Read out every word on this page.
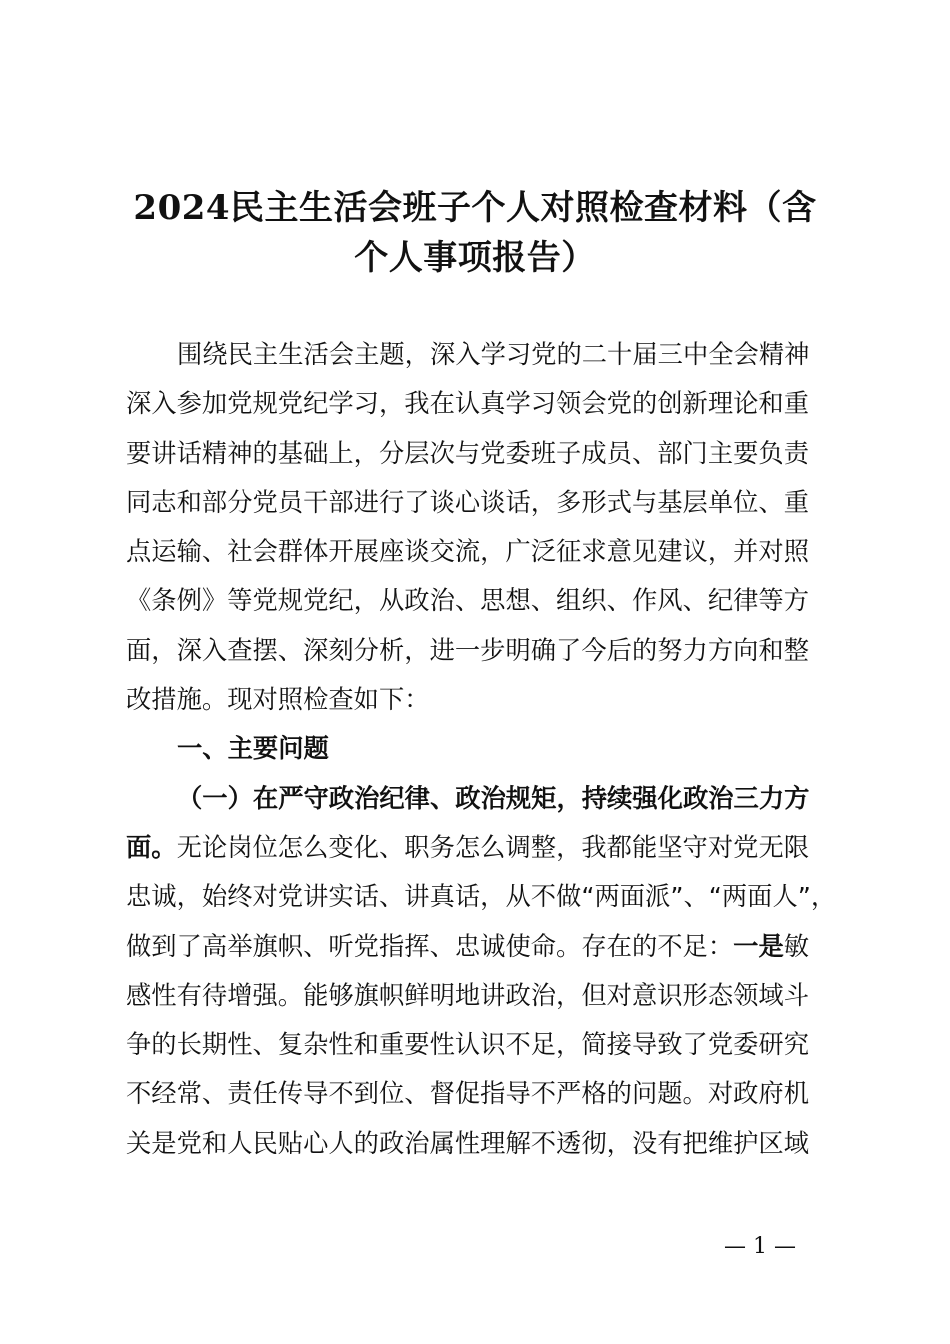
2024民主生活会班子个人对照检查材料（含
个人事项报告）
围绕民主生活会主题，深入学习党的二十届三中全会精神
深入参加党规党纪学习，我在认真学习领会党的创新理论和重
要讲话精神的基础上，分层次与党委班子成员、部门主要负责
同志和部分党员干部进行了谈心谈话，多形式与基层单位、重
点运输、社会群体开展座谈交流，广泛征求意见建议，并对照
《条例》等党规党纪，从政治、思想、组织、作风、纪律等方
面，深入查摆、深刻分析，进一步明确了今后的努力方向和整
改措施。现对照检查如下：
一、主要问题
（一）在严守政治纪律、政治规矩，持续强化政治三力方
面。无论岗位怎么变化、职务怎么调整，我都能坚守对党无限
忠诚，始终对党讲实话、讲真话，从不做“两面派”、“两面人”，
做到了高举旗帜、听党指挥、忠诚使命。存在的不足：一是敏
感性有待增强。能够旗帜鲜明地讲政治，但对意识形态领域斗
争的长期性、复杂性和重要性认识不足，简接导致了党委研究
不经常、责任传导不到位、督促指导不严格的问题。对政府机
关是党和人民贴心人的政治属性理解不透彻，没有把维护区域
— 1 —
